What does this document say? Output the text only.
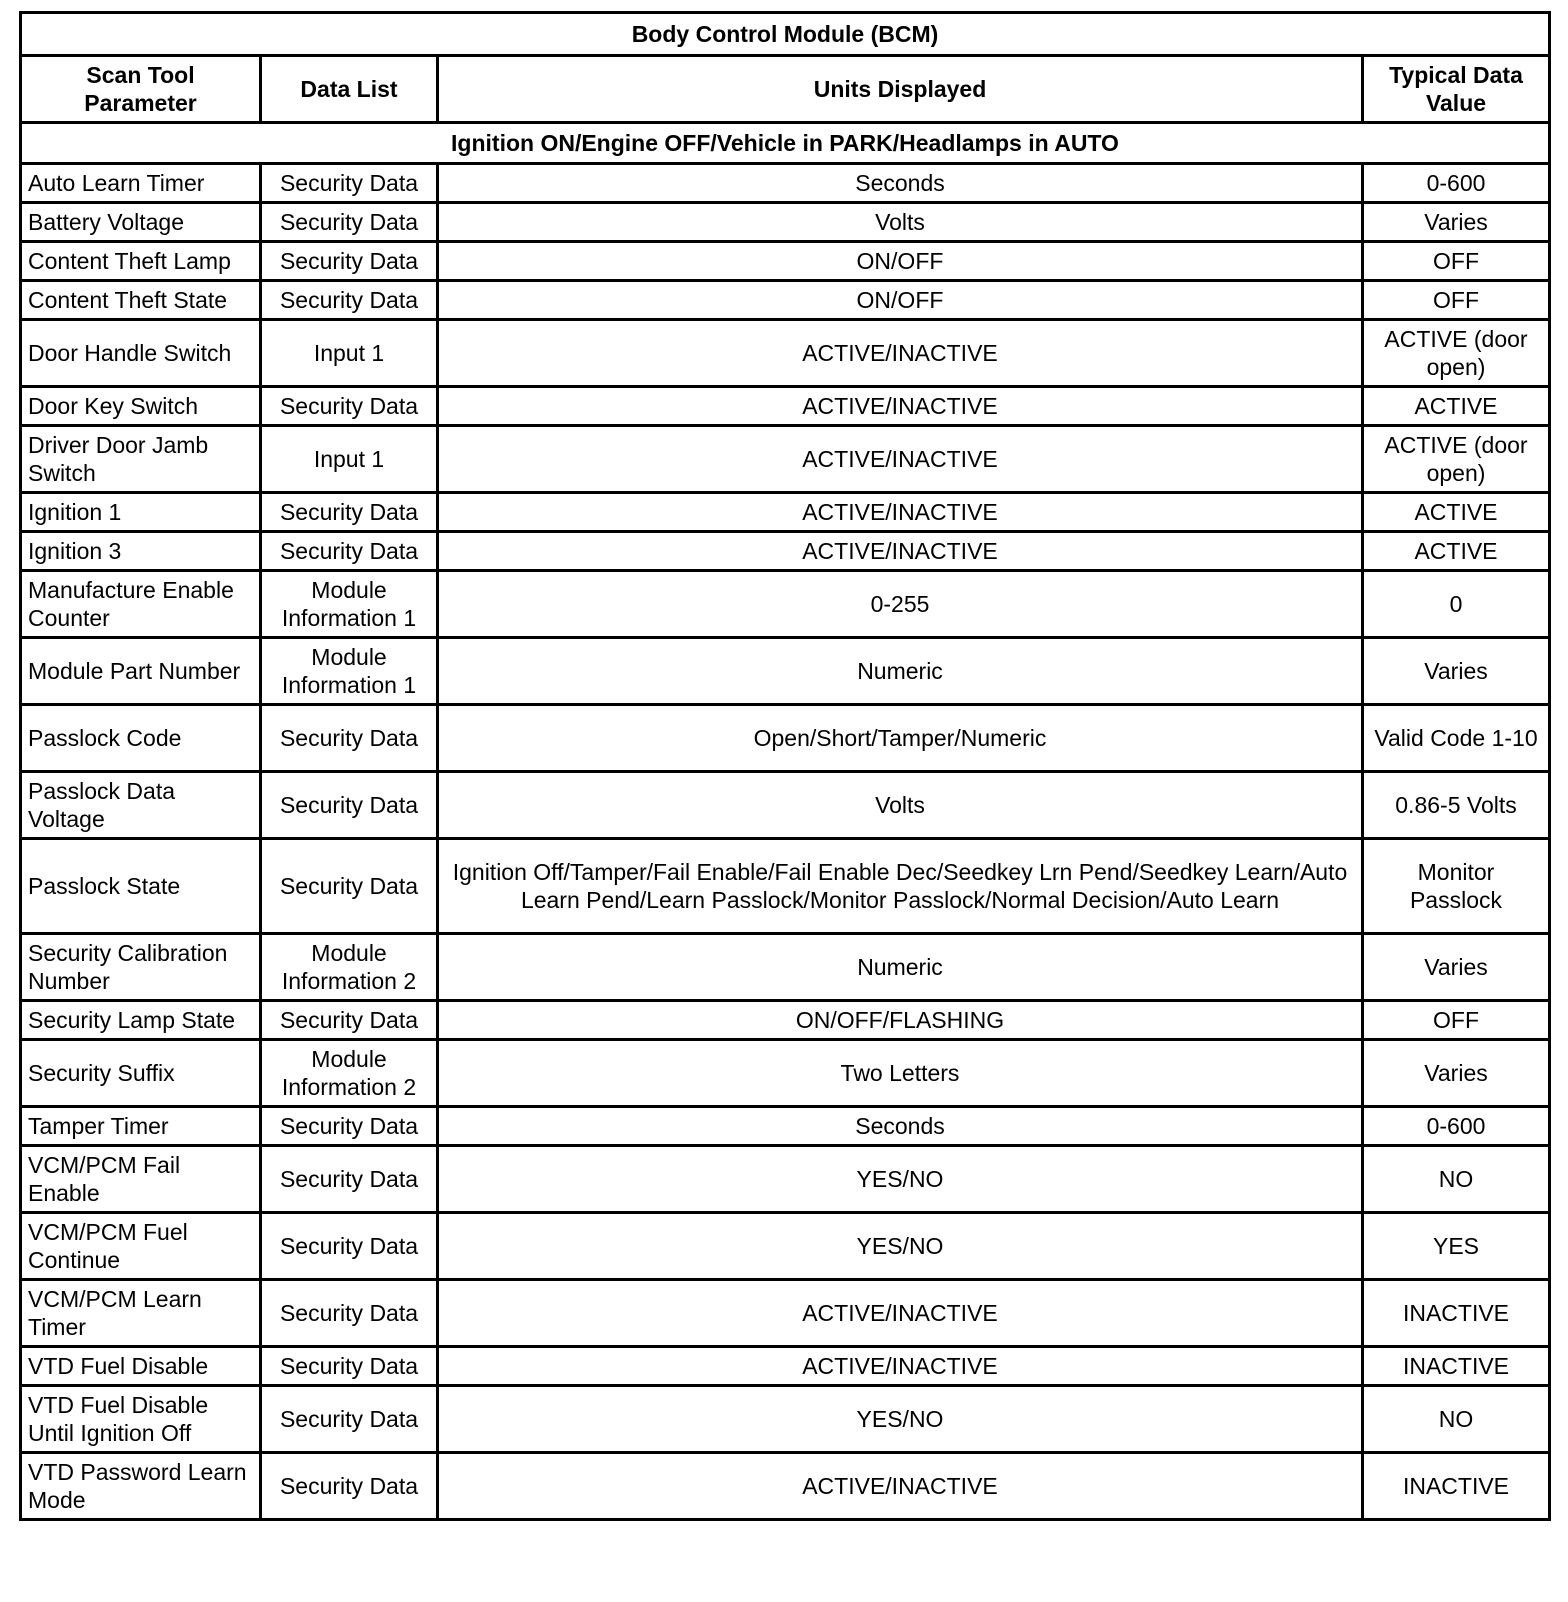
Body Control Module (BCM)			
Scan Tool Parameter	Data List	Units Displayed	Typical Data Value
Ignition ON/Engine OFF/Vehicle in PARK/Headlamps in AUTO			
Auto Learn Timer	Security Data	Seconds	0-600
Battery Voltage	Security Data	Volts	Varies
Content Theft Lamp	Security Data	ON/OFF	OFF
Content Theft State	Security Data	ON/OFF	OFF
Door Handle Switch	Input 1	ACTIVE/INACTIVE	ACTIVE (door open)
Door Key Switch	Security Data	ACTIVE/INACTIVE	ACTIVE
Driver Door Jamb Switch	Input 1	ACTIVE/INACTIVE	ACTIVE (door open)
Ignition 1	Security Data	ACTIVE/INACTIVE	ACTIVE
Ignition 3	Security Data	ACTIVE/INACTIVE	ACTIVE
Manufacture Enable Counter	Module Information 1	0-255	0
Module Part Number	Module Information 1	Numeric	Varies
Passlock Code	Security Data	Open/Short/Tamper/Numeric	Valid Code 1-10
Passlock Data Voltage	Security Data	Volts	0.86-5 Volts
Passlock State	Security Data	Ignition Off/Tamper/Fail Enable/Fail Enable Dec/Seedkey Lrn Pend/Seedkey Learn/Auto Learn Pend/Learn Passlock/Monitor Passlock/Normal Decision/Auto Learn	Monitor Passlock
Security Calibration Number	Module Information 2	Numeric	Varies
Security Lamp State	Security Data	ON/OFF/FLASHING	OFF
Security Suffix	Module Information 2	Two Letters	Varies
Tamper Timer	Security Data	Seconds	0-600
VCM/PCM Fail Enable	Security Data	YES/NO	NO
VCM/PCM Fuel Continue	Security Data	YES/NO	YES
VCM/PCM Learn Timer	Security Data	ACTIVE/INACTIVE	INACTIVE
VTD Fuel Disable	Security Data	ACTIVE/INACTIVE	INACTIVE
VTD Fuel Disable Until Ignition Off	Security Data	YES/NO	NO
VTD Password Learn Mode	Security Data	ACTIVE/INACTIVE	INACTIVE
